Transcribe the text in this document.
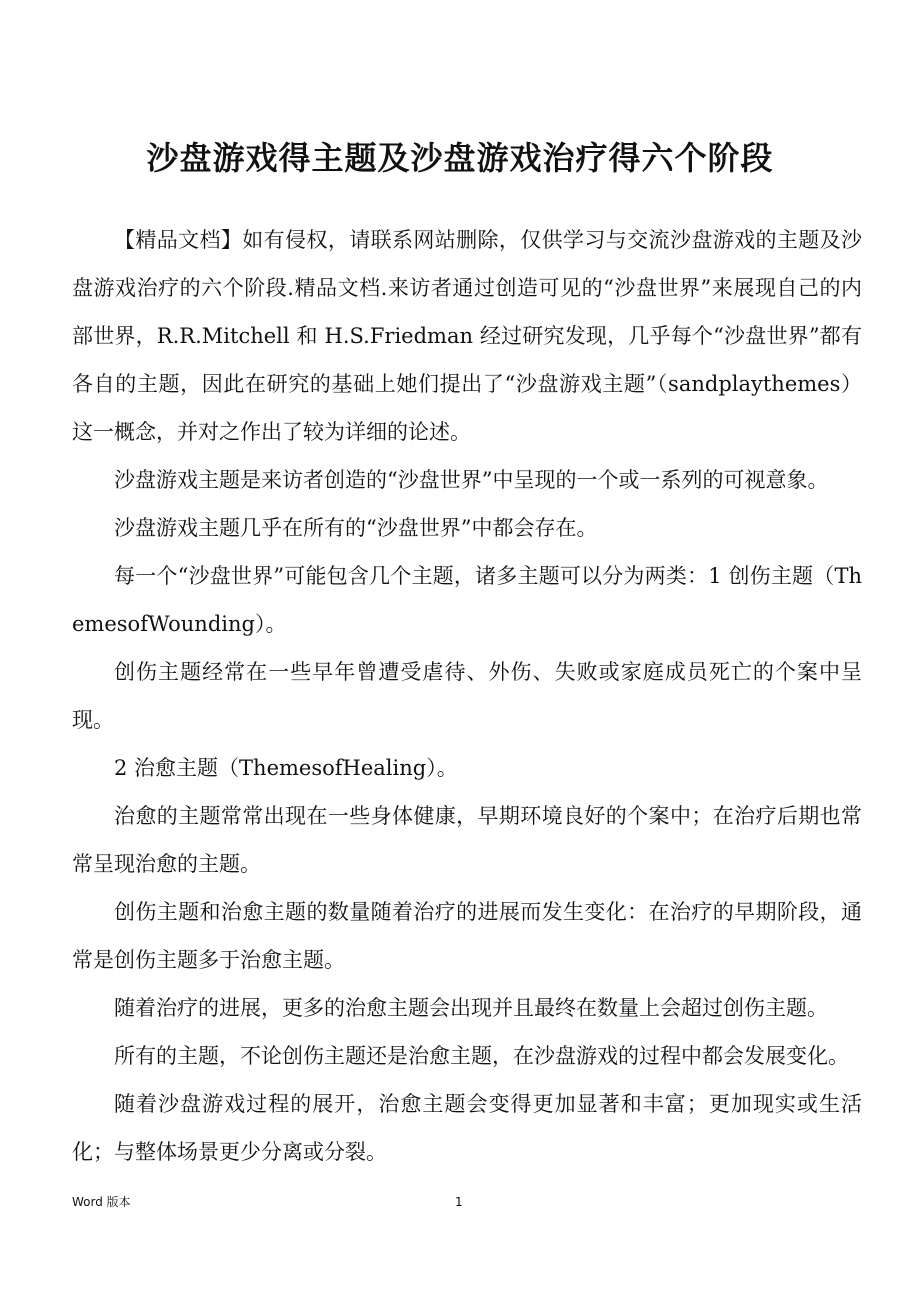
沙盘游戏得主题及沙盘游戏治疗得六个阶段

【精品文档】如有侵权，请联系网站删除，仅供学习与交流沙盘游戏的主题及沙盘游戏治疗的六个阶段.精品文档.来访者通过创造可见的“沙盘世界”来展现自己的内部世界，R.R.Mitchell 和 H.S.Friedman 经过研究发现，几乎每个“沙盘世界”都有各自的主题，因此在研究的基础上她们提出了“沙盘游戏主题”（sandplaythemes）这一概念，并对之作出了较为详细的论述。

沙盘游戏主题是来访者创造的“沙盘世界”中呈现的一个或一系列的可视意象。

沙盘游戏主题几乎在所有的“沙盘世界”中都会存在。

每一个“沙盘世界”可能包含几个主题，诸多主题可以分为两类：1 创伤主题（ThemesofWounding）。

创伤主题经常在一些早年曾遭受虐待、外伤、失败或家庭成员死亡的个案中呈现。

2 治愈主题（ThemesofHealing）。

治愈的主题常常出现在一些身体健康，早期环境良好的个案中；在治疗后期也常常呈现治愈的主题。

创伤主题和治愈主题的数量随着治疗的进展而发生变化：在治疗的早期阶段，通常是创伤主题多于治愈主题。

随着治疗的进展，更多的治愈主题会出现并且最终在数量上会超过创伤主题。

所有的主题，不论创伤主题还是治愈主题，在沙盘游戏的过程中都会发展变化。

随着沙盘游戏过程的展开，治愈主题会变得更加显著和丰富；更加现实或生活化；与整体场景更少分离或分裂。

Word 版本	1
